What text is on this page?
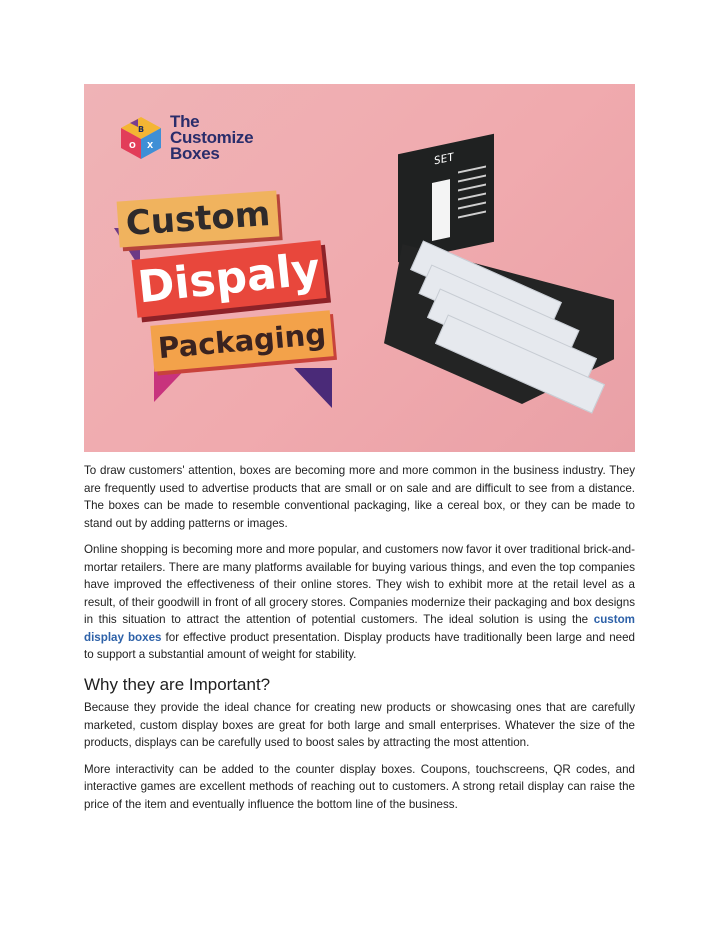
B
O X
The
Customize
Boxes
Custom
Dispaly
Packaging
SET

To draw customers' attention, boxes are becoming more and more common in the business industry. They are frequently used to advertise products that are small or on sale and are difficult to see from a distance. The boxes can be made to resemble conventional packaging, like a cereal box, or they can be made to stand out by adding patterns or images.

Online shopping is becoming more and more popular, and customers now favor it over traditional brick-and-mortar retailers. There are many platforms available for buying various things, and even the top companies have improved the effectiveness of their online stores. They wish to exhibit more at the retail level as a result, of their goodwill in front of all grocery stores. Companies modernize their packaging and box designs in this situation to attract the attention of potential customers. The ideal solution is using the custom display boxes for effective product presentation. Display products have traditionally been large and need to support a substantial amount of weight for stability.

Why they are Important?

Because they provide the ideal chance for creating new products or showcasing ones that are carefully marketed, custom display boxes are great for both large and small enterprises. Whatever the size of the products, displays can be carefully used to boost sales by attracting the most attention.

More interactivity can be added to the counter display boxes. Coupons, touchscreens, QR codes, and interactive games are excellent methods of reaching out to customers. A strong retail display can raise the price of the item and eventually influence the bottom line of the business.
